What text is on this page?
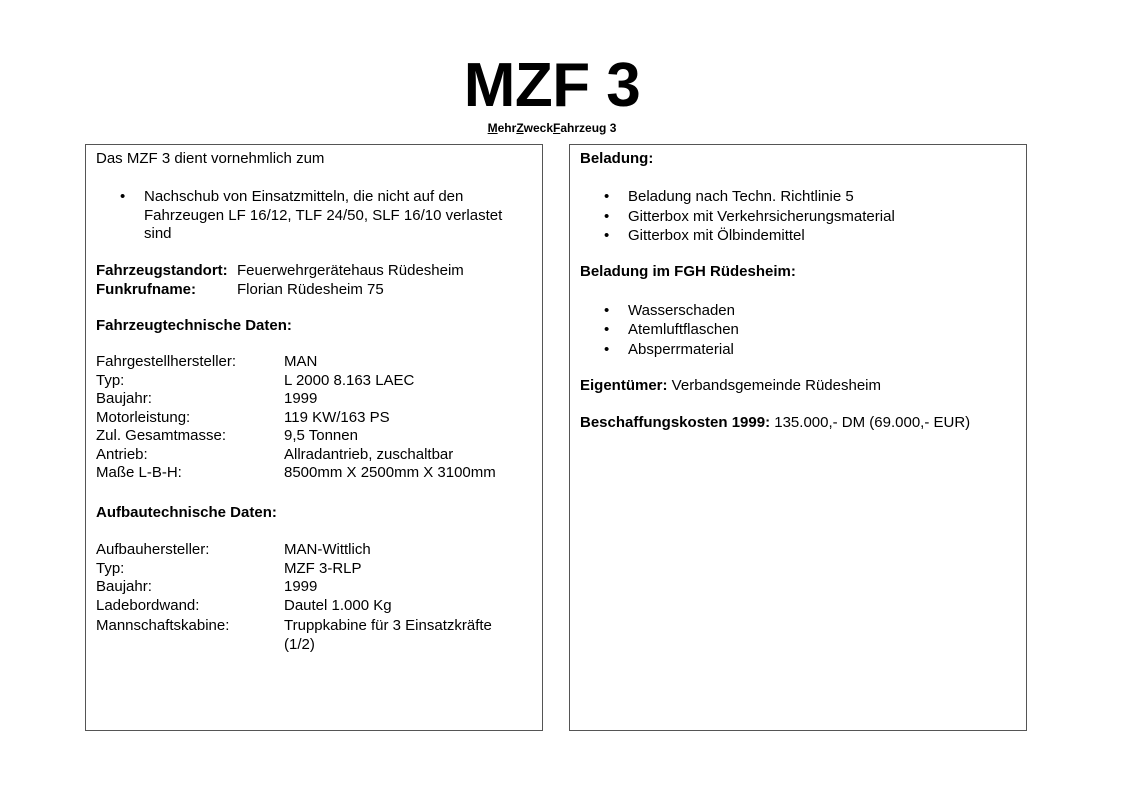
MZF 3
MehrZweckFahrzeug 3
Das MZF 3 dient vornehmlich zum
• Nachschub von Einsatzmitteln, die nicht auf den
Fahrzeugen LF 16/12, TLF 24/50, SLF 16/10 verlastet
sind
Fahrzeugstandort: Feuerwehrgerätehaus Rüdesheim
Funkrufname:	Florian Rüdesheim 75
Fahrzeugtechnische Daten:
Fahrgestellhersteller:	MAN
Typ:	L 2000 8.163 LAEC
Baujahr:	1999
Motorleistung:	119 KW/163 PS
Zul. Gesamtmasse:	9,5 Tonnen
Antrieb:	Allradantrieb, zuschaltbar
Maße L-B-H:	8500mm X 2500mm X 3100mm
Aufbautechnische Daten:
Aufbauhersteller:	MAN-Wittlich
Typ:	MZF 3-RLP
Baujahr:	1999
Ladebordwand:	Dautel 1.000 Kg
Mannschaftskabine:	Truppkabine für 3 Einsatzkräfte
(1/2)
Beladung:
• Beladung nach Techn. Richtlinie 5
• Gitterbox mit Verkehrsicherungsmaterial
• Gitterbox mit Ölbindemittel
Beladung im FGH Rüdesheim:
• Wasserschaden
• Atemluftflaschen
• Absperrmaterial
Eigentümer: Verbandsgemeinde Rüdesheim
Beschaffungskosten 1999: 135.000,- DM (69.000,- EUR)
